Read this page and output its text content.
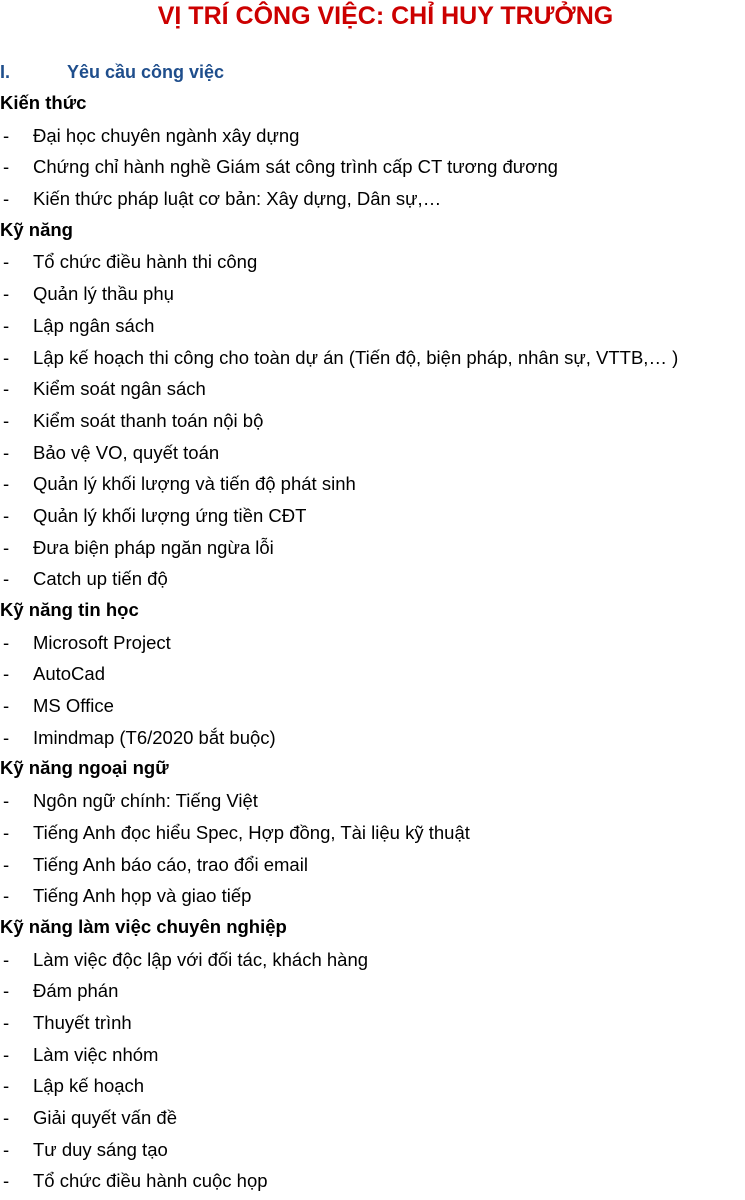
VỊ TRÍ CÔNG VIỆC: CHỈ HUY TRƯỞNG
I.	Yêu cầu công việc
Kiến thức
- Đại học chuyên ngành xây dựng
- Chứng chỉ hành nghề Giám sát công trình cấp CT tương đương
- Kiến thức pháp luật cơ bản: Xây dựng, Dân sự,…
Kỹ năng
- Tổ chức điều hành thi công
- Quản lý thầu phụ
- Lập ngân sách
- Lập kế hoạch thi công cho toàn dự án (Tiến độ, biện pháp, nhân sự, VTTB,… )
- Kiểm soát ngân sách
- Kiểm soát thanh toán nội bộ
- Bảo vệ VO, quyết toán
- Quản lý khối lượng và tiến độ phát sinh
- Quản lý khối lượng ứng tiền CĐT
- Đưa biện pháp ngăn ngừa lỗi
- Catch up tiến độ
Kỹ năng tin học
- Microsoft Project
- AutoCad
- MS Office
- Imindmap (T6/2020 bắt buộc)
Kỹ năng ngoại ngữ
- Ngôn ngữ chính: Tiếng Việt
- Tiếng Anh đọc hiểu Spec, Hợp đồng, Tài liệu kỹ thuật
- Tiếng Anh báo cáo, trao đổi email
- Tiếng Anh họp và giao tiếp
Kỹ năng làm việc chuyên nghiệp
- Làm việc độc lập với đối tác, khách hàng
- Đám phán
- Thuyết trình
- Làm việc nhóm
- Lập kế hoạch
- Giải quyết vấn đề
- Tư duy sáng tạo
- Tổ chức điều hành cuộc họp
